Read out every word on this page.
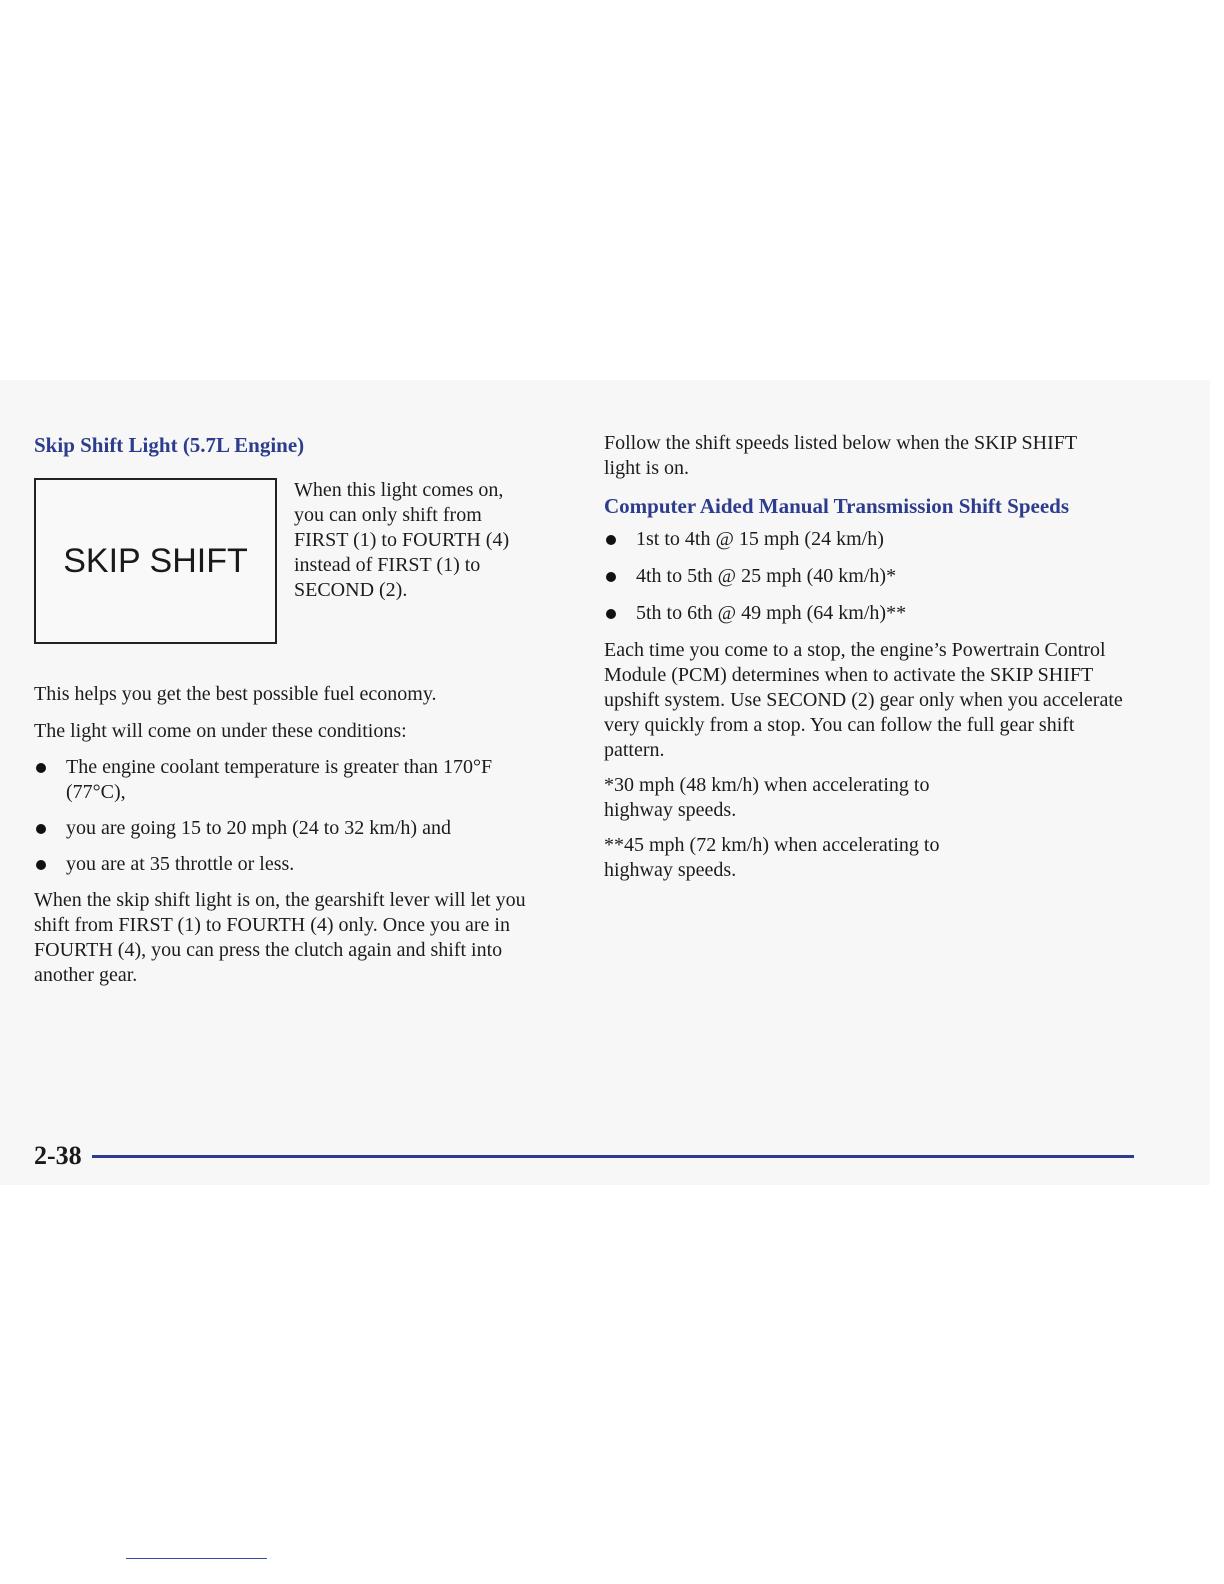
Skip Shift Light (5.7L Engine)
SKIP SHIFT
When this light comes on,
you can only shift from
FIRST (1) to FOURTH (4)
instead of FIRST (1) to
SECOND (2).

This helps you get the best possible fuel economy.

The light will come on under these conditions:

The engine coolant temperature is greater than 170°F (77°C),
you are going 15 to 20 mph (24 to 32 km/h) and
you are at 35 throttle or less.

When the skip shift light is on, the gearshift lever will let you shift from FIRST (1) to FOURTH (4) only. Once you are in FOURTH (4), you can press the clutch again and shift into another gear.

Follow the shift speeds listed below when the SKIP SHIFT light is on.

Computer Aided Manual Transmission Shift Speeds
1st to 4th @ 15 mph (24 km/h)
4th to 5th @ 25 mph (40 km/h)*
5th to 6th @ 49 mph (64 km/h)**

Each time you come to a stop, the engine’s Powertrain Control Module (PCM) determines when to activate the SKIP SHIFT upshift system. Use SECOND (2) gear only when you accelerate very quickly from a stop. You can follow the full gear shift pattern.

*30 mph (48 km/h) when accelerating to highway speeds.

**45 mph (72 km/h) when accelerating to highway speeds.

2-38
